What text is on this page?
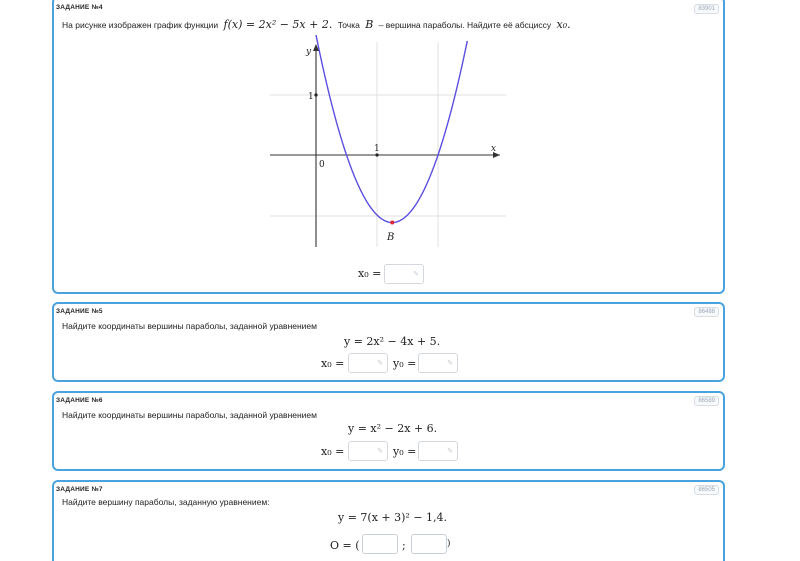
ЗАДАНИЕ №4	83901
На рисунке изображен график функции f(x) = 2x² − 5x + 2. Точка B – вершина параболы. Найдите её абсциссу x₀.
y
x
0
1
1
B
x₀ =	✎
ЗАДАНИЕ №5	86488
Найдите координаты вершины параболы, заданной уравнением
y = 2x² − 4x + 5.
x₀ =	✎ y₀ =	✎
ЗАДАНИЕ №6	86589
Найдите координаты вершины параболы, заданной уравнением
y = x² − 2x + 6.
x₀ =	✎ y₀ =	✎
ЗАДАНИЕ №7	86505
Найдите вершину параболы, заданную уравнением:
y = 7(x + 3)² − 1,4.
O = (	;	)
